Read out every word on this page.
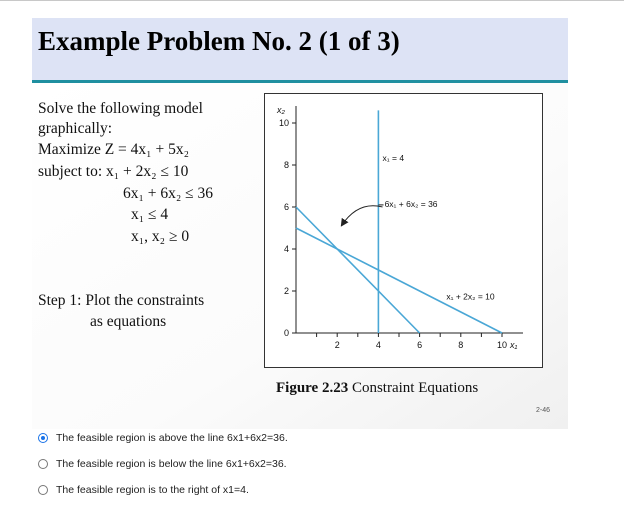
Example Problem No. 2 (1 of 3)
Solve the following model
graphically:
Maximize Z = 4x₁ + 5x₂
subject to: x₁ + 2x₂ ≤ 10
6x₁ + 6x₂ ≤ 36
x₁ ≤ 4
x₁, x₂ ≥ 0
Step 1: Plot the constraints
as equations
0
2
4
6
8
10
2	4	6	8	10
x₂
x₁
x₁ = 4
6x₁ + 6x₂ = 36
x₁ + 2x₂ = 10
Figure 2.23 Constraint Equations
2-46
The feasible region is above the line 6x1+6x2=36.
The feasible region is below the line 6x1+6x2=36.
The feasible region is to the right of x1=4.
